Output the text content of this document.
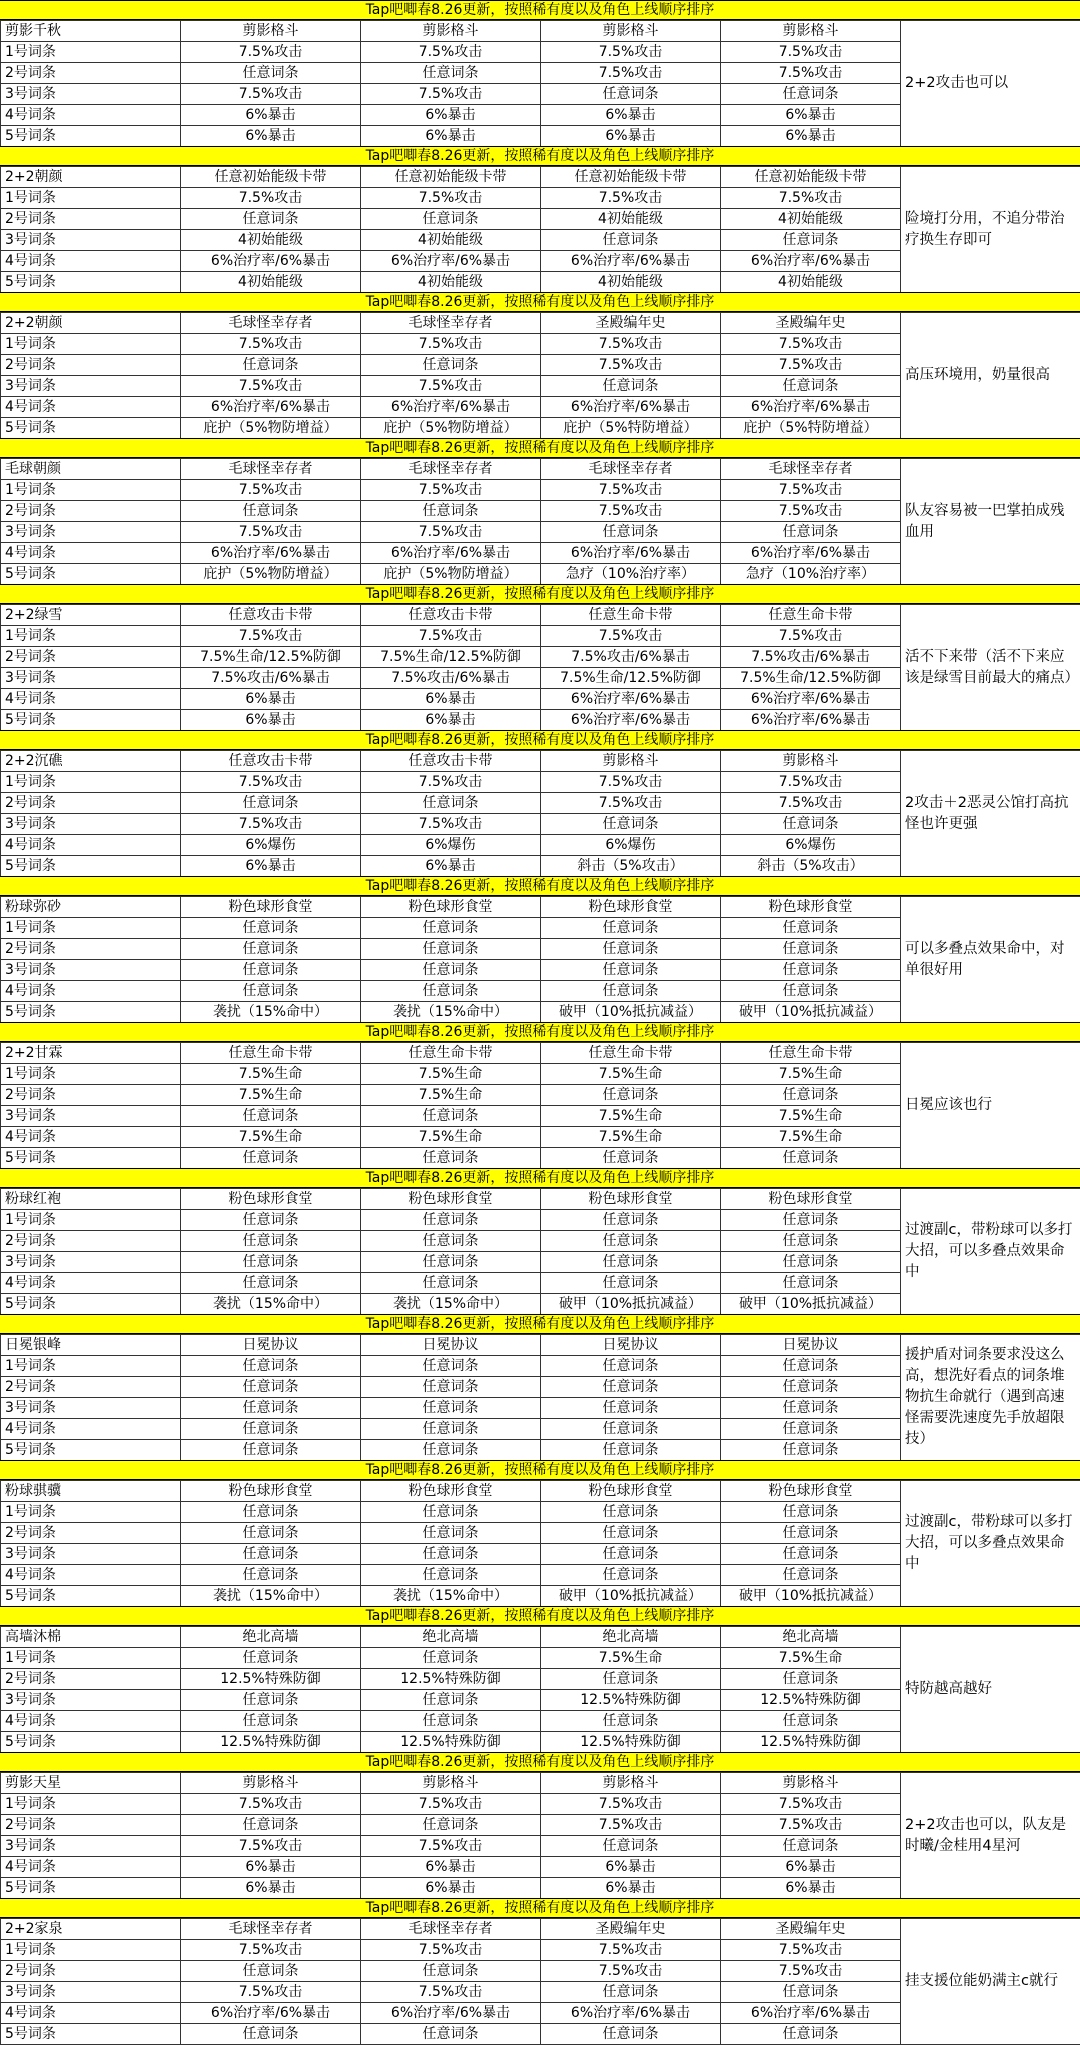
Tap吧唧春8.26更新，按照稀有度以及角色上线顺序排序
剪影千秋	剪影格斗	剪影格斗	剪影格斗	剪影格斗	2+2攻击也可以
1号词条	7.5%攻击	7.5%攻击	7.5%攻击	7.5%攻击	
2号词条	任意词条	任意词条	7.5%攻击	7.5%攻击	
3号词条	7.5%攻击	7.5%攻击	任意词条	任意词条	
4号词条	6%暴击	6%暴击	6%暴击	6%暴击	
5号词条	6%暴击	6%暴击	6%暴击	6%暴击	
Tap吧唧春8.26更新，按照稀有度以及角色上线顺序排序
2+2朝颜	任意初始能级卡带	任意初始能级卡带	任意初始能级卡带	任意初始能级卡带	险境打分用，不追分带治疗换生存即可
1号词条	7.5%攻击	7.5%攻击	7.5%攻击	7.5%攻击	
2号词条	任意词条	任意词条	4初始能级	4初始能级	
3号词条	4初始能级	4初始能级	任意词条	任意词条	
4号词条	6%治疗率/6%暴击	6%治疗率/6%暴击	6%治疗率/6%暴击	6%治疗率/6%暴击	
5号词条	4初始能级	4初始能级	4初始能级	4初始能级	
Tap吧唧春8.26更新，按照稀有度以及角色上线顺序排序
2+2朝颜	毛球怪幸存者	毛球怪幸存者	圣殿编年史	圣殿编年史	高压环境用，奶量很高
1号词条	7.5%攻击	7.5%攻击	7.5%攻击	7.5%攻击	
2号词条	任意词条	任意词条	7.5%攻击	7.5%攻击	
3号词条	7.5%攻击	7.5%攻击	任意词条	任意词条	
4号词条	6%治疗率/6%暴击	6%治疗率/6%暴击	6%治疗率/6%暴击	6%治疗率/6%暴击	
5号词条	庇护（5%物防增益）	庇护（5%物防增益）	庇护（5%特防增益）	庇护（5%特防增益）	
Tap吧唧春8.26更新，按照稀有度以及角色上线顺序排序
毛球朝颜	毛球怪幸存者	毛球怪幸存者	毛球怪幸存者	毛球怪幸存者	队友容易被一巴掌拍成残血用
1号词条	7.5%攻击	7.5%攻击	7.5%攻击	7.5%攻击	
2号词条	任意词条	任意词条	7.5%攻击	7.5%攻击	
3号词条	7.5%攻击	7.5%攻击	任意词条	任意词条	
4号词条	6%治疗率/6%暴击	6%治疗率/6%暴击	6%治疗率/6%暴击	6%治疗率/6%暴击	
5号词条	庇护（5%物防增益）	庇护（5%物防增益）	急疗（10%治疗率）	急疗（10%治疗率）	
Tap吧唧春8.26更新，按照稀有度以及角色上线顺序排序
2+2绿雪	任意攻击卡带	任意攻击卡带	任意生命卡带	任意生命卡带	活不下来带（活不下来应该是绿雪目前最大的痛点）
1号词条	7.5%攻击	7.5%攻击	7.5%攻击	7.5%攻击	
2号词条	7.5%生命/12.5%防御	7.5%生命/12.5%防御	7.5%攻击/6%暴击	7.5%攻击/6%暴击	
3号词条	7.5%攻击/6%暴击	7.5%攻击/6%暴击	7.5%生命/12.5%防御	7.5%生命/12.5%防御	
4号词条	6%暴击	6%暴击	6%治疗率/6%暴击	6%治疗率/6%暴击	
5号词条	6%暴击	6%暴击	6%治疗率/6%暴击	6%治疗率/6%暴击	
Tap吧唧春8.26更新，按照稀有度以及角色上线顺序排序
2+2沉礁	任意攻击卡带	任意攻击卡带	剪影格斗	剪影格斗	2攻击＋2恶灵公馆打高抗怪也许更强
1号词条	7.5%攻击	7.5%攻击	7.5%攻击	7.5%攻击	
2号词条	任意词条	任意词条	7.5%攻击	7.5%攻击	
3号词条	7.5%攻击	7.5%攻击	任意词条	任意词条	
4号词条	6%爆伤	6%爆伤	6%爆伤	6%爆伤	
5号词条	6%暴击	6%暴击	斜击（5%攻击）	斜击（5%攻击）	
Tap吧唧春8.26更新，按照稀有度以及角色上线顺序排序
粉球弥砂	粉色球形食堂	粉色球形食堂	粉色球形食堂	粉色球形食堂	可以多叠点效果命中，对单很好用
1号词条	任意词条	任意词条	任意词条	任意词条	
2号词条	任意词条	任意词条	任意词条	任意词条	
3号词条	任意词条	任意词条	任意词条	任意词条	
4号词条	任意词条	任意词条	任意词条	任意词条	
5号词条	袭扰（15%命中）	袭扰（15%命中）	破甲（10%抵抗减益）	破甲（10%抵抗减益）	
Tap吧唧春8.26更新，按照稀有度以及角色上线顺序排序
2+2甘霖	任意生命卡带	任意生命卡带	任意生命卡带	任意生命卡带	日冕应该也行
1号词条	7.5%生命	7.5%生命	7.5%生命	7.5%生命	
2号词条	7.5%生命	7.5%生命	任意词条	任意词条	
3号词条	任意词条	任意词条	7.5%生命	7.5%生命	
4号词条	7.5%生命	7.5%生命	7.5%生命	7.5%生命	
5号词条	任意词条	任意词条	任意词条	任意词条	
Tap吧唧春8.26更新，按照稀有度以及角色上线顺序排序
粉球红袍	粉色球形食堂	粉色球形食堂	粉色球形食堂	粉色球形食堂	过渡副c，带粉球可以多打大招，可以多叠点效果命中
1号词条	任意词条	任意词条	任意词条	任意词条	
2号词条	任意词条	任意词条	任意词条	任意词条	
3号词条	任意词条	任意词条	任意词条	任意词条	
4号词条	任意词条	任意词条	任意词条	任意词条	
5号词条	袭扰（15%命中）	袭扰（15%命中）	破甲（10%抵抗减益）	破甲（10%抵抗减益）	
Tap吧唧春8.26更新，按照稀有度以及角色上线顺序排序
日冕银峰	日冕协议	日冕协议	日冕协议	日冕协议	援护盾对词条要求没这么高，想洗好看点的词条堆物抗生命就行（遇到高速怪需要洗速度先手放超限技）
1号词条	任意词条	任意词条	任意词条	任意词条	
2号词条	任意词条	任意词条	任意词条	任意词条	
3号词条	任意词条	任意词条	任意词条	任意词条	
4号词条	任意词条	任意词条	任意词条	任意词条	
5号词条	任意词条	任意词条	任意词条	任意词条	
Tap吧唧春8.26更新，按照稀有度以及角色上线顺序排序
粉球骐骥	粉色球形食堂	粉色球形食堂	粉色球形食堂	粉色球形食堂	过渡副c，带粉球可以多打大招，可以多叠点效果命中
1号词条	任意词条	任意词条	任意词条	任意词条	
2号词条	任意词条	任意词条	任意词条	任意词条	
3号词条	任意词条	任意词条	任意词条	任意词条	
4号词条	任意词条	任意词条	任意词条	任意词条	
5号词条	袭扰（15%命中）	袭扰（15%命中）	破甲（10%抵抗减益）	破甲（10%抵抗减益）	
Tap吧唧春8.26更新，按照稀有度以及角色上线顺序排序
高墙沐棉	绝北高墙	绝北高墙	绝北高墙	绝北高墙	特防越高越好
1号词条	任意词条	任意词条	7.5%生命	7.5%生命	
2号词条	12.5%特殊防御	12.5%特殊防御	任意词条	任意词条	
3号词条	任意词条	任意词条	12.5%特殊防御	12.5%特殊防御	
4号词条	任意词条	任意词条	任意词条	任意词条	
5号词条	12.5%特殊防御	12.5%特殊防御	12.5%特殊防御	12.5%特殊防御	
Tap吧唧春8.26更新，按照稀有度以及角色上线顺序排序
剪影天星	剪影格斗	剪影格斗	剪影格斗	剪影格斗	2+2攻击也可以，队友是时曦/金桂用4星河
1号词条	7.5%攻击	7.5%攻击	7.5%攻击	7.5%攻击	
2号词条	任意词条	任意词条	7.5%攻击	7.5%攻击	
3号词条	7.5%攻击	7.5%攻击	任意词条	任意词条	
4号词条	6%暴击	6%暴击	6%暴击	6%暴击	
5号词条	6%暴击	6%暴击	6%暴击	6%暴击	
Tap吧唧春8.26更新，按照稀有度以及角色上线顺序排序
2+2家泉	毛球怪幸存者	毛球怪幸存者	圣殿编年史	圣殿编年史	挂支援位能奶满主c就行
1号词条	7.5%攻击	7.5%攻击	7.5%攻击	7.5%攻击	
2号词条	任意词条	任意词条	7.5%攻击	7.5%攻击	
3号词条	7.5%攻击	7.5%攻击	任意词条	任意词条	
4号词条	6%治疗率/6%暴击	6%治疗率/6%暴击	6%治疗率/6%暴击	6%治疗率/6%暴击	
5号词条	任意词条	任意词条	任意词条	任意词条	
